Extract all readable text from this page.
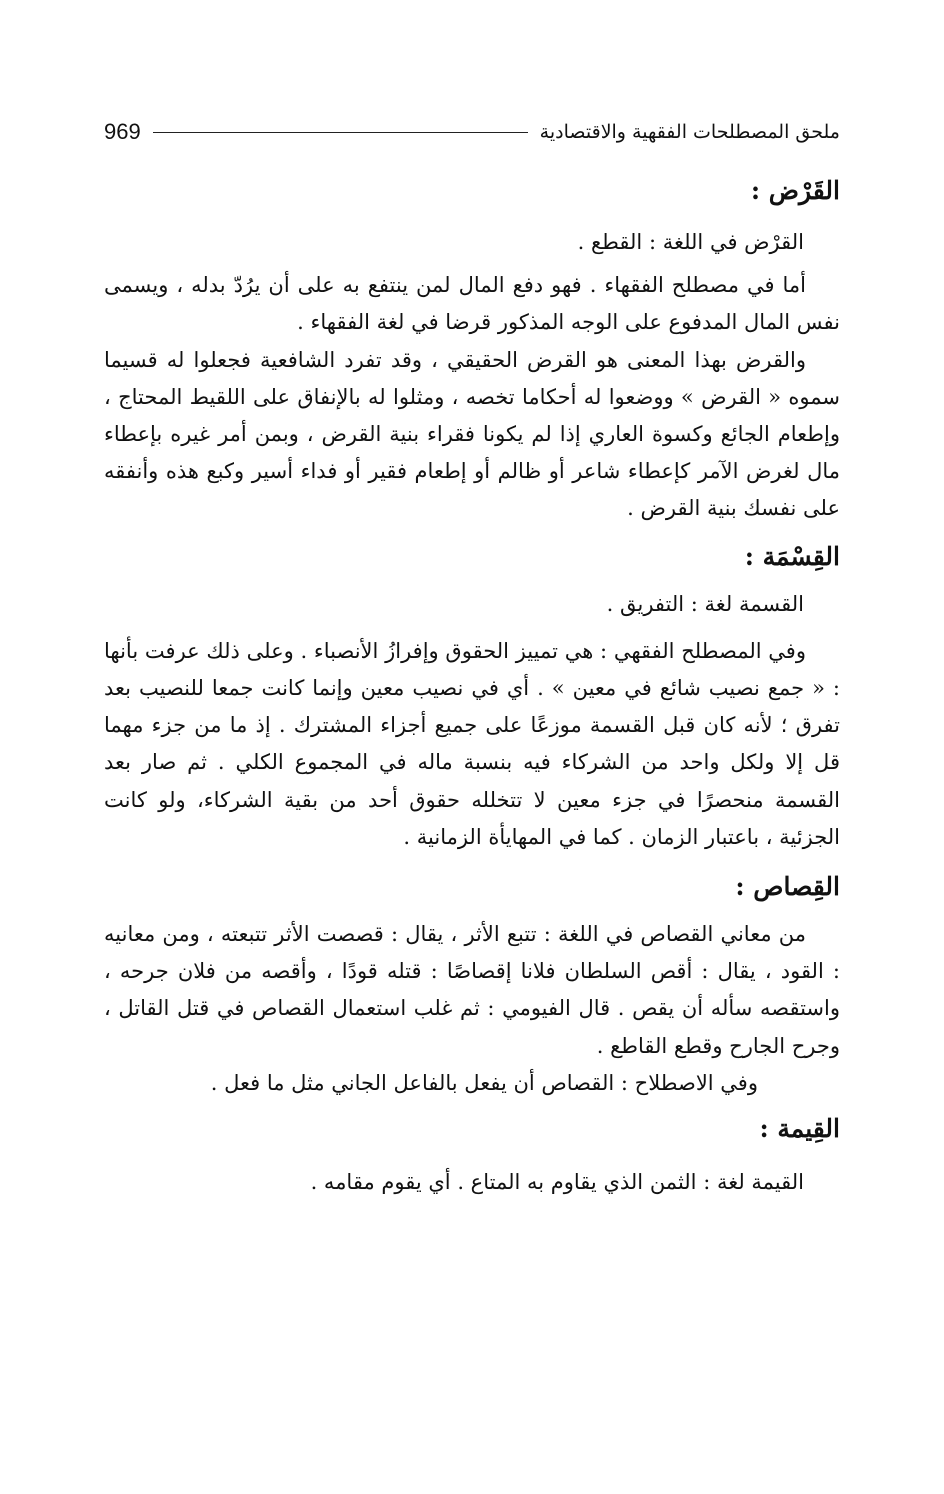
ملحق المصطلحات الفقهية والاقتصادية
969
القَرْض :

القرْض في اللغة : القطع .

أما في مصطلح الفقهاء . فهو دفع المال لمن ينتفع به على أن يرُدّ بدله ، ويسمى نفس المال المدفوع على الوجه المذكور قرضا في لغة الفقهاء .

والقرض بهذا المعنى هو القرض الحقيقي ، وقد تفرد الشافعية فجعلوا له قسيما سموه « القرض » ووضعوا له أحكاما تخصه ، ومثلوا له بالإنفاق على اللقيط المحتاج ، وإطعام الجائع وكسوة العاري إذا لم يكونا فقراء بنية القرض ، وبمن أمر غيره بإعطاء مال لغرض الآمر كإعطاء شاعر أو ظالم أو إطعام فقير أو فداء أسير وكبع هذه وأنفقه على نفسك بنية القرض .

القِسْمَة :

القسمة لغة : التفريق .

وفي المصطلح الفقهي : هي تمييز الحقوق وإفرازُ الأنصباء . وعلى ذلك عرفت بأنها : « جمع نصيب شائع في معين » . أي في نصيب معين وإنما كانت جمعا للنصيب بعد تفرق ؛ لأنه كان قبل القسمة موزعًا على جميع أجزاء المشترك . إذ ما من جزء مهما قل إلا ولكل واحد من الشركاء فيه بنسبة ماله في المجموع الكلي . ثم صار بعد القسمة منحصرًا في جزء معين لا تتخلله حقوق أحد من بقية الشركاء، ولو كانت الجزئية ، باعتبار الزمان . كما في المهايأة الزمانية .

القِصاص :

من معاني القصاص في اللغة : تتبع الأثر ، يقال : قصصت الأثر تتبعته ، ومن معانيه : القود ، يقال : أقص السلطان فلانا إقصاصًا : قتله قودًا ، وأقصه من فلان جرحه ، واستقصه سأله أن يقص . قال الفيومي : ثم غلب استعمال القصاص في قتل القاتل ، وجرح الجارح وقطع القاطع .

وفي الاصطلاح : القصاص أن يفعل بالفاعل الجاني مثل ما فعل .

القِيمة :

القيمة لغة : الثمن الذي يقاوم به المتاع . أي يقوم مقامه .
